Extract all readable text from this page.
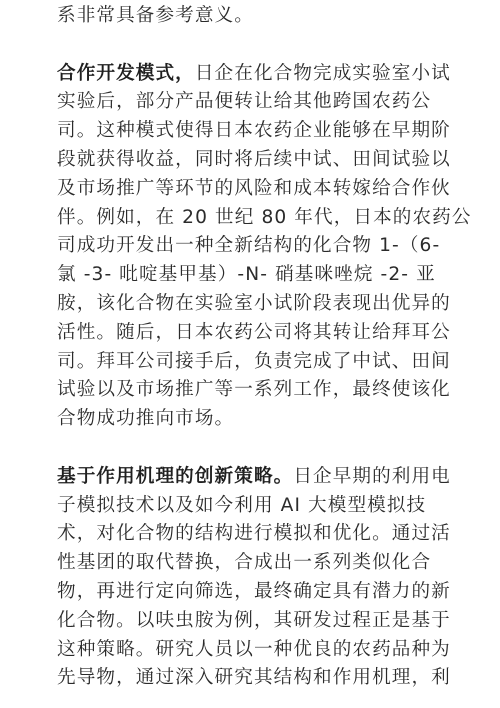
系非常具备参考意义。

合作开发模式，日企在化合物完成实验室小试
实验后，部分产品便转让给其他跨国农药公
司。这种模式使得日本农药企业能够在早期阶
段就获得收益，同时将后续中试、田间试验以
及市场推广等环节的风险和成本转嫁给合作伙
伴。例如，在 20 世纪 80 年代，日本的农药公
司成功开发出一种全新结构的化合物 1-（6-
氯 -3- 吡啶基甲基）-N- 硝基咪唑烷 -2- 亚
胺，该化合物在实验室小试阶段表现出优异的
活性。随后，日本农药公司将其转让给拜耳公
司。拜耳公司接手后，负责完成了中试、田间
试验以及市场推广等一系列工作，最终使该化
合物成功推向市场。

基于作用机理的创新策略。日企早期的利用电
子模拟技术以及如今利用 AI 大模型模拟技
术，对化合物的结构进行模拟和优化。通过活
性基团的取代替换，合成出一系列类似化合
物，再进行定向筛选，最终确定具有潜力的新
化合物。以呋虫胺为例，其研发过程正是基于
这种策略。研究人员以一种优良的农药品种为
先导物，通过深入研究其结构和作用机理，利
